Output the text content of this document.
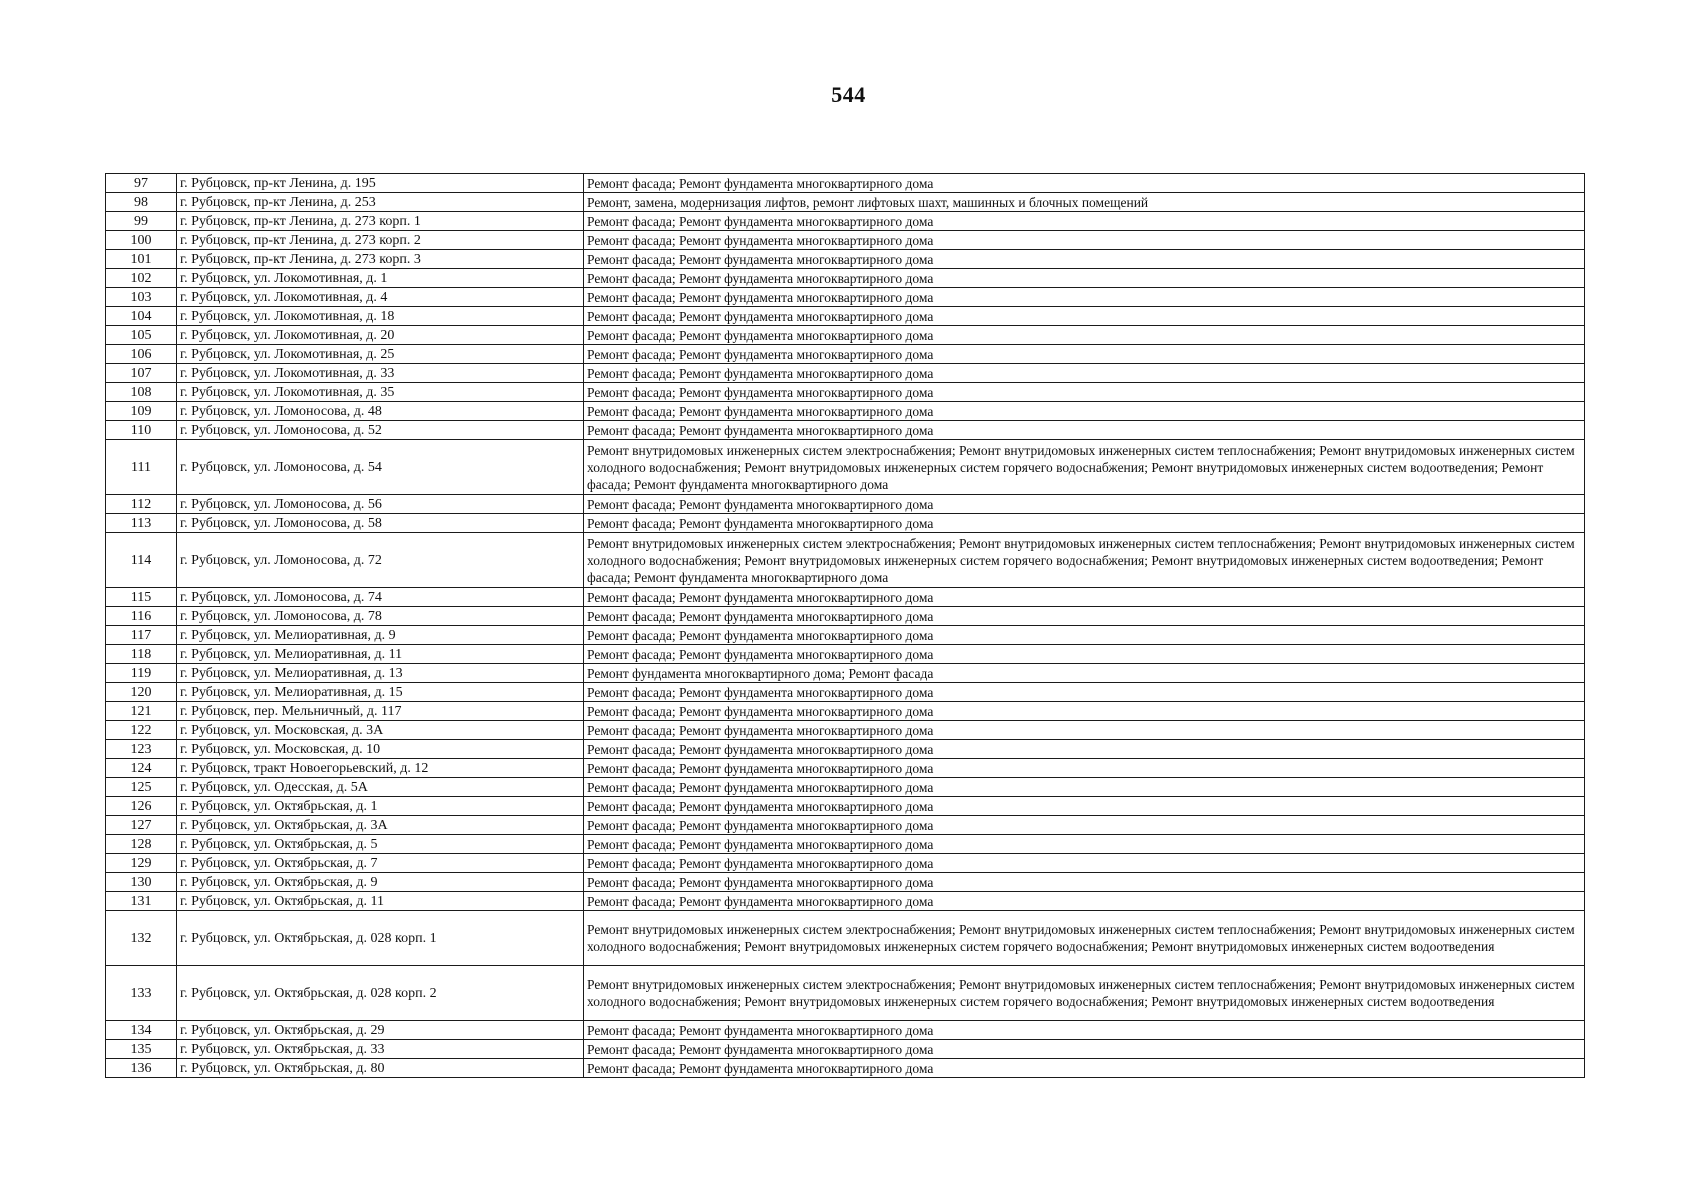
544
97	г. Рубцовск, пр-кт Ленина, д. 195	Ремонт фасада; Ремонт фундамента многоквартирного дома
98	г. Рубцовск, пр-кт Ленина, д. 253	Ремонт, замена, модернизация лифтов, ремонт лифтовых шахт, машинных и блочных помещений
99	г. Рубцовск, пр-кт Ленина, д. 273 корп. 1	Ремонт фасада; Ремонт фундамента многоквартирного дома
100	г. Рубцовск, пр-кт Ленина, д. 273 корп. 2	Ремонт фасада; Ремонт фундамента многоквартирного дома
101	г. Рубцовск, пр-кт Ленина, д. 273 корп. 3	Ремонт фасада; Ремонт фундамента многоквартирного дома
102	г. Рубцовск, ул. Локомотивная, д. 1	Ремонт фасада; Ремонт фундамента многоквартирного дома
103	г. Рубцовск, ул. Локомотивная, д. 4	Ремонт фасада; Ремонт фундамента многоквартирного дома
104	г. Рубцовск, ул. Локомотивная, д. 18	Ремонт фасада; Ремонт фундамента многоквартирного дома
105	г. Рубцовск, ул. Локомотивная, д. 20	Ремонт фасада; Ремонт фундамента многоквартирного дома
106	г. Рубцовск, ул. Локомотивная, д. 25	Ремонт фасада; Ремонт фундамента многоквартирного дома
107	г. Рубцовск, ул. Локомотивная, д. 33	Ремонт фасада; Ремонт фундамента многоквартирного дома
108	г. Рубцовск, ул. Локомотивная, д. 35	Ремонт фасада; Ремонт фундамента многоквартирного дома
109	г. Рубцовск, ул. Ломоносова, д. 48	Ремонт фасада; Ремонт фундамента многоквартирного дома
110	г. Рубцовск, ул. Ломоносова, д. 52	Ремонт фасада; Ремонт фундамента многоквартирного дома
111	г. Рубцовск, ул. Ломоносова, д. 54	Ремонт внутридомовых инженерных систем электроснабжения; Ремонт внутридомовых инженерных систем теплоснабжения; Ремонт внутридомовых инженерных систем холодного водоснабжения; Ремонт внутридомовых инженерных систем горячего водоснабжения; Ремонт внутридомовых инженерных систем водоотведения; Ремонт фасада; Ремонт фундамента многоквартирного дома
112	г. Рубцовск, ул. Ломоносова, д. 56	Ремонт фасада; Ремонт фундамента многоквартирного дома
113	г. Рубцовск, ул. Ломоносова, д. 58	Ремонт фасада; Ремонт фундамента многоквартирного дома
114	г. Рубцовск, ул. Ломоносова, д. 72	Ремонт внутридомовых инженерных систем электроснабжения; Ремонт внутридомовых инженерных систем теплоснабжения; Ремонт внутридомовых инженерных систем холодного водоснабжения; Ремонт внутридомовых инженерных систем горячего водоснабжения; Ремонт внутридомовых инженерных систем водоотведения; Ремонт фасада; Ремонт фундамента многоквартирного дома
115	г. Рубцовск, ул. Ломоносова, д. 74	Ремонт фасада; Ремонт фундамента многоквартирного дома
116	г. Рубцовск, ул. Ломоносова, д. 78	Ремонт фасада; Ремонт фундамента многоквартирного дома
117	г. Рубцовск, ул. Мелиоративная, д. 9	Ремонт фасада; Ремонт фундамента многоквартирного дома
118	г. Рубцовск, ул. Мелиоративная, д. 11	Ремонт фасада; Ремонт фундамента многоквартирного дома
119	г. Рубцовск, ул. Мелиоративная, д. 13	Ремонт фундамента многоквартирного дома; Ремонт фасада
120	г. Рубцовск, ул. Мелиоративная, д. 15	Ремонт фасада; Ремонт фундамента многоквартирного дома
121	г. Рубцовск, пер. Мельничный, д. 117	Ремонт фасада; Ремонт фундамента многоквартирного дома
122	г. Рубцовск, ул. Московская, д. 3А	Ремонт фасада; Ремонт фундамента многоквартирного дома
123	г. Рубцовск, ул. Московская, д. 10	Ремонт фасада; Ремонт фундамента многоквартирного дома
124	г. Рубцовск, тракт Новоегорьевский, д. 12	Ремонт фасада; Ремонт фундамента многоквартирного дома
125	г. Рубцовск, ул. Одесская, д. 5А	Ремонт фасада; Ремонт фундамента многоквартирного дома
126	г. Рубцовск, ул. Октябрьская, д. 1	Ремонт фасада; Ремонт фундамента многоквартирного дома
127	г. Рубцовск, ул. Октябрьская, д. 3А	Ремонт фасада; Ремонт фундамента многоквартирного дома
128	г. Рубцовск, ул. Октябрьская, д. 5	Ремонт фасада; Ремонт фундамента многоквартирного дома
129	г. Рубцовск, ул. Октябрьская, д. 7	Ремонт фасада; Ремонт фундамента многоквартирного дома
130	г. Рубцовск, ул. Октябрьская, д. 9	Ремонт фасада; Ремонт фундамента многоквартирного дома
131	г. Рубцовск, ул. Октябрьская, д. 11	Ремонт фасада; Ремонт фундамента многоквартирного дома
132	г. Рубцовск, ул. Октябрьская, д. 028 корп. 1	Ремонт внутридомовых инженерных систем электроснабжения; Ремонт внутридомовых инженерных систем теплоснабжения; Ремонт внутридомовых инженерных систем холодного водоснабжения; Ремонт внутридомовых инженерных систем горячего водоснабжения; Ремонт внутридомовых инженерных систем водоотведения
133	г. Рубцовск, ул. Октябрьская, д. 028 корп. 2	Ремонт внутридомовых инженерных систем электроснабжения; Ремонт внутридомовых инженерных систем теплоснабжения; Ремонт внутридомовых инженерных систем холодного водоснабжения; Ремонт внутридомовых инженерных систем горячего водоснабжения; Ремонт внутридомовых инженерных систем водоотведения
134	г. Рубцовск, ул. Октябрьская, д. 29	Ремонт фасада; Ремонт фундамента многоквартирного дома
135	г. Рубцовск, ул. Октябрьская, д. 33	Ремонт фасада; Ремонт фундамента многоквартирного дома
136	г. Рубцовск, ул. Октябрьская, д. 80	Ремонт фасада; Ремонт фундамента многоквартирного дома
